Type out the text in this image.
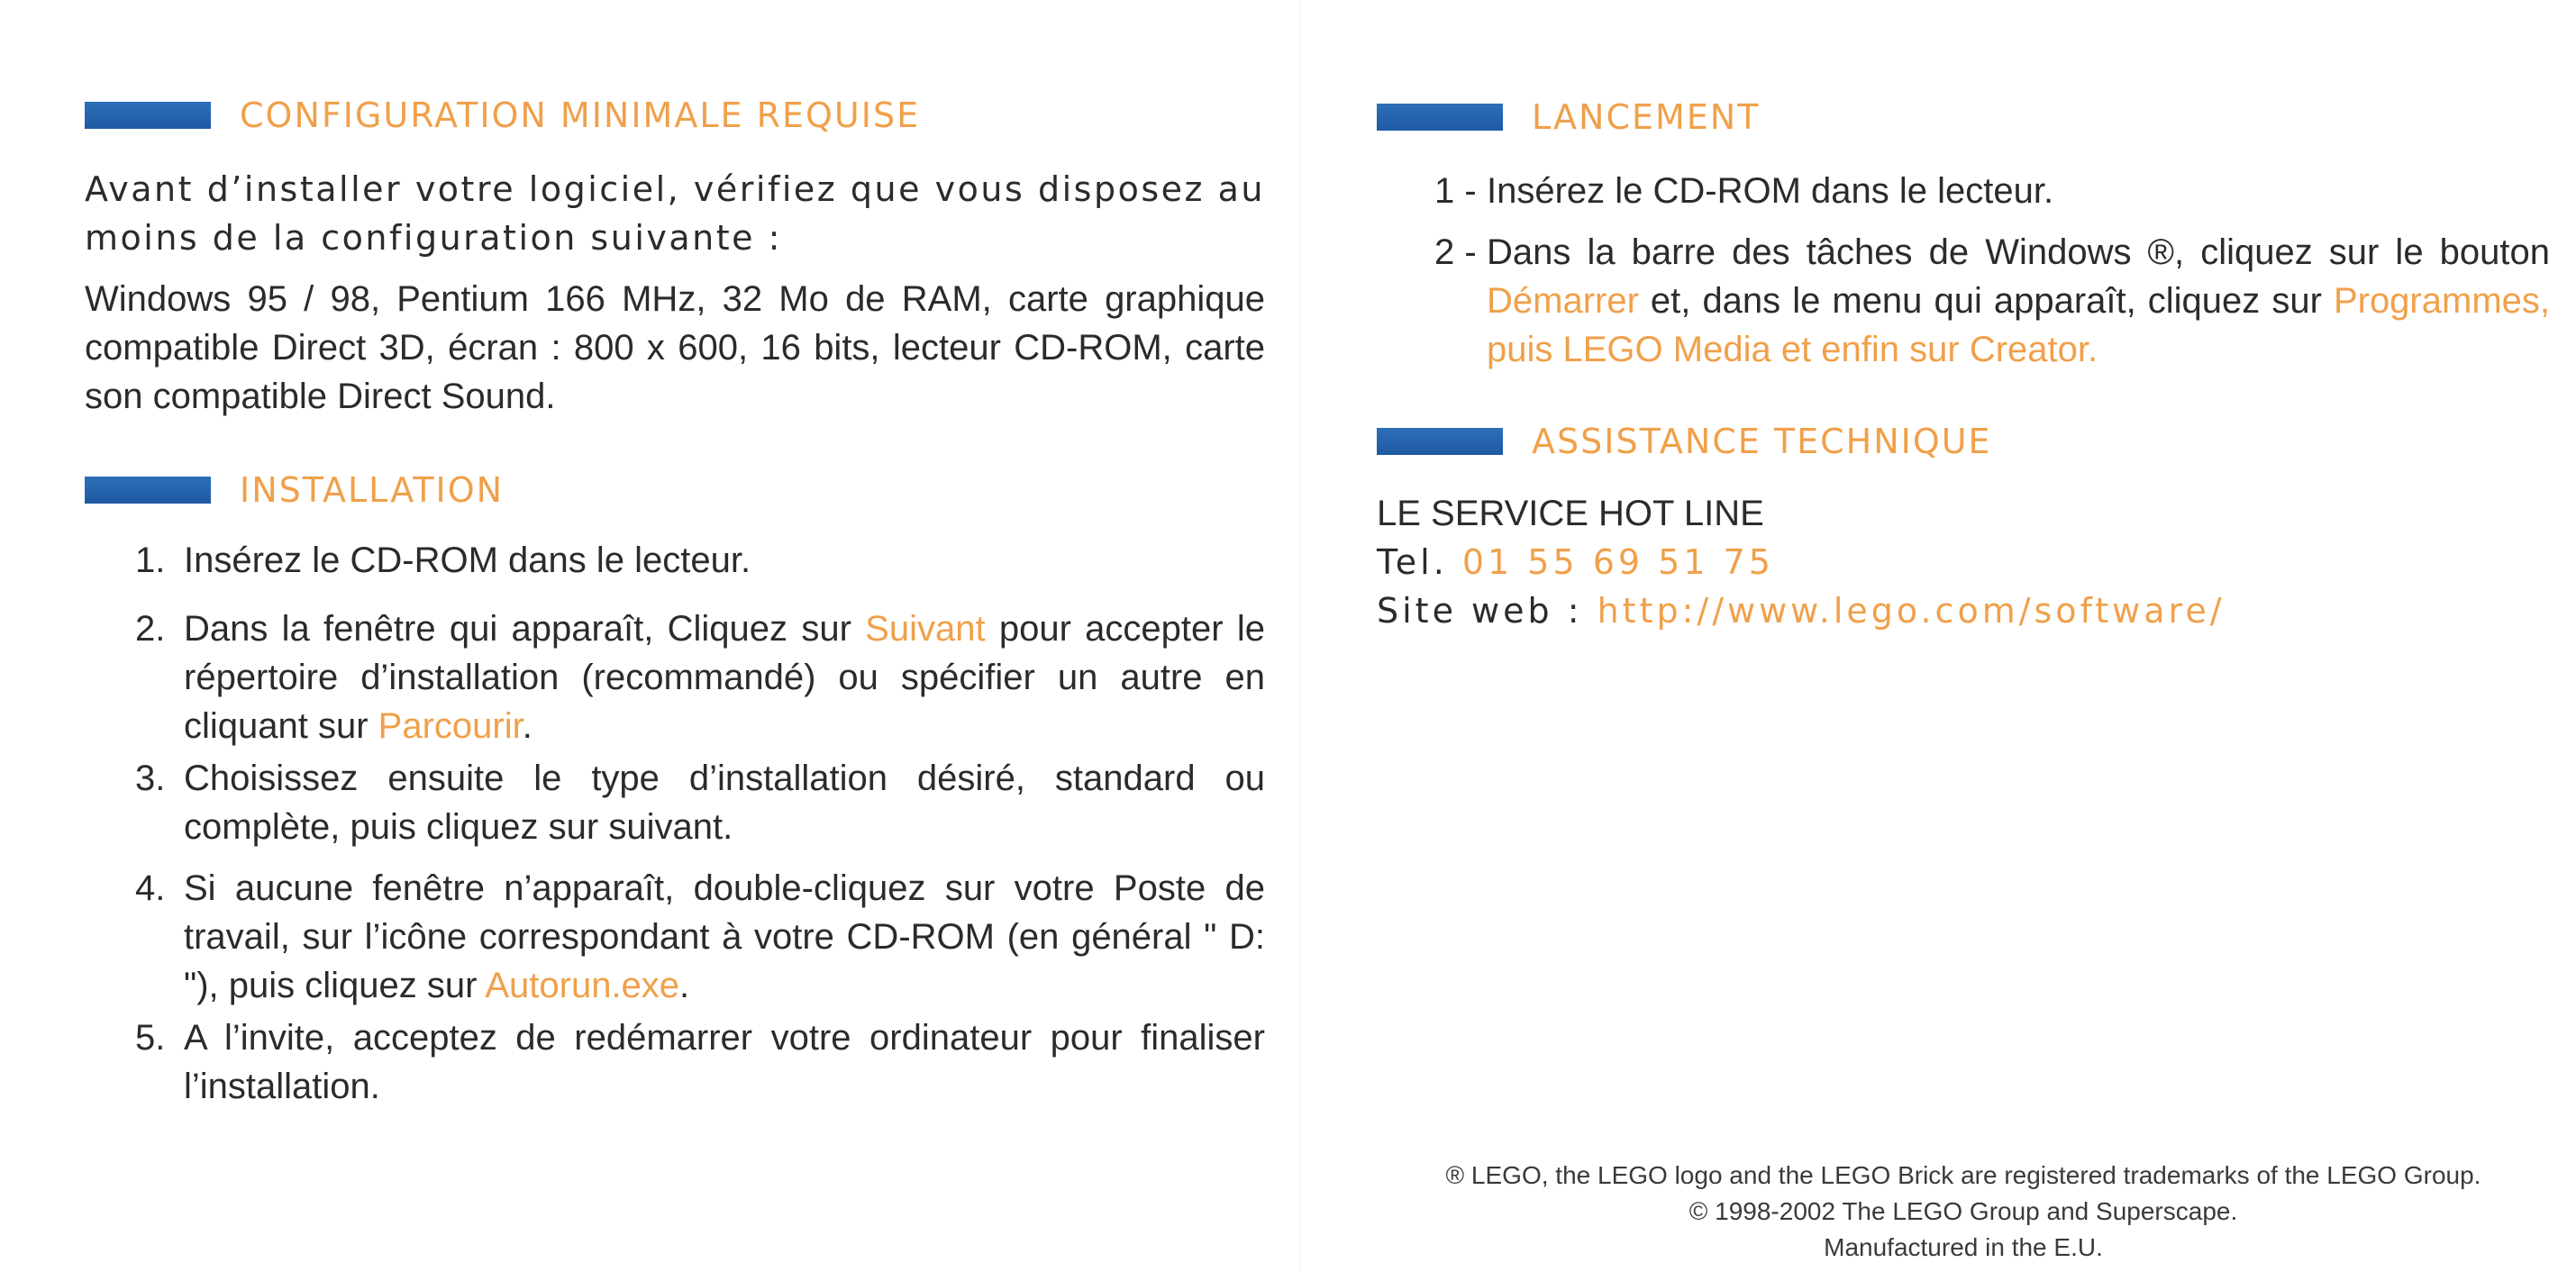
CONFIGURATION MINIMALE REQUISE
Avant d’installer votre logiciel, vérifiez que vous disposez au moins de la configuration suivante :
Windows 95 / 98, Pentium 166 MHz, 32 Mo de RAM, carte graphique compatible Direct 3D, écran : 800 x 600, 16 bits, lecteur CD-ROM, carte son compatible Direct Sound.
INSTALLATION
1. Insérez le CD-ROM dans le lecteur.
2. Dans la fenêtre qui apparaît, Cliquez sur Suivant pour accepter le répertoire d’installation (recommandé) ou spécifier un autre en cliquant sur Parcourir.
3. Choisissez ensuite le type d’installation désiré, standard ou complète, puis cliquez sur suivant.
4. Si aucune fenêtre n’apparaît, double-cliquez sur votre Poste de travail, sur l’icône correspondant à votre CD-ROM (en général " D: "), puis cliquez sur Autorun.exe.
5. A l’invite, acceptez de redémarrer votre ordinateur pour finaliser l’installation.
LANCEMENT
1 - Insérez le CD-ROM dans le lecteur.
2 - Dans la barre des tâches de Windows ®, cliquez sur le bouton Démarrer et, dans le menu qui apparaît, cliquez sur Programmes, puis LEGO Media et enfin sur Creator.
ASSISTANCE TECHNIQUE
LE SERVICE HOT LINE
Tel. 01 55 69 51 75
Site web : http://www.lego.com/software/
® LEGO, the LEGO logo and the LEGO Brick are registered trademarks of the LEGO Group.
© 1998-2002 The LEGO Group and Superscape.
Manufactured in the E.U.
